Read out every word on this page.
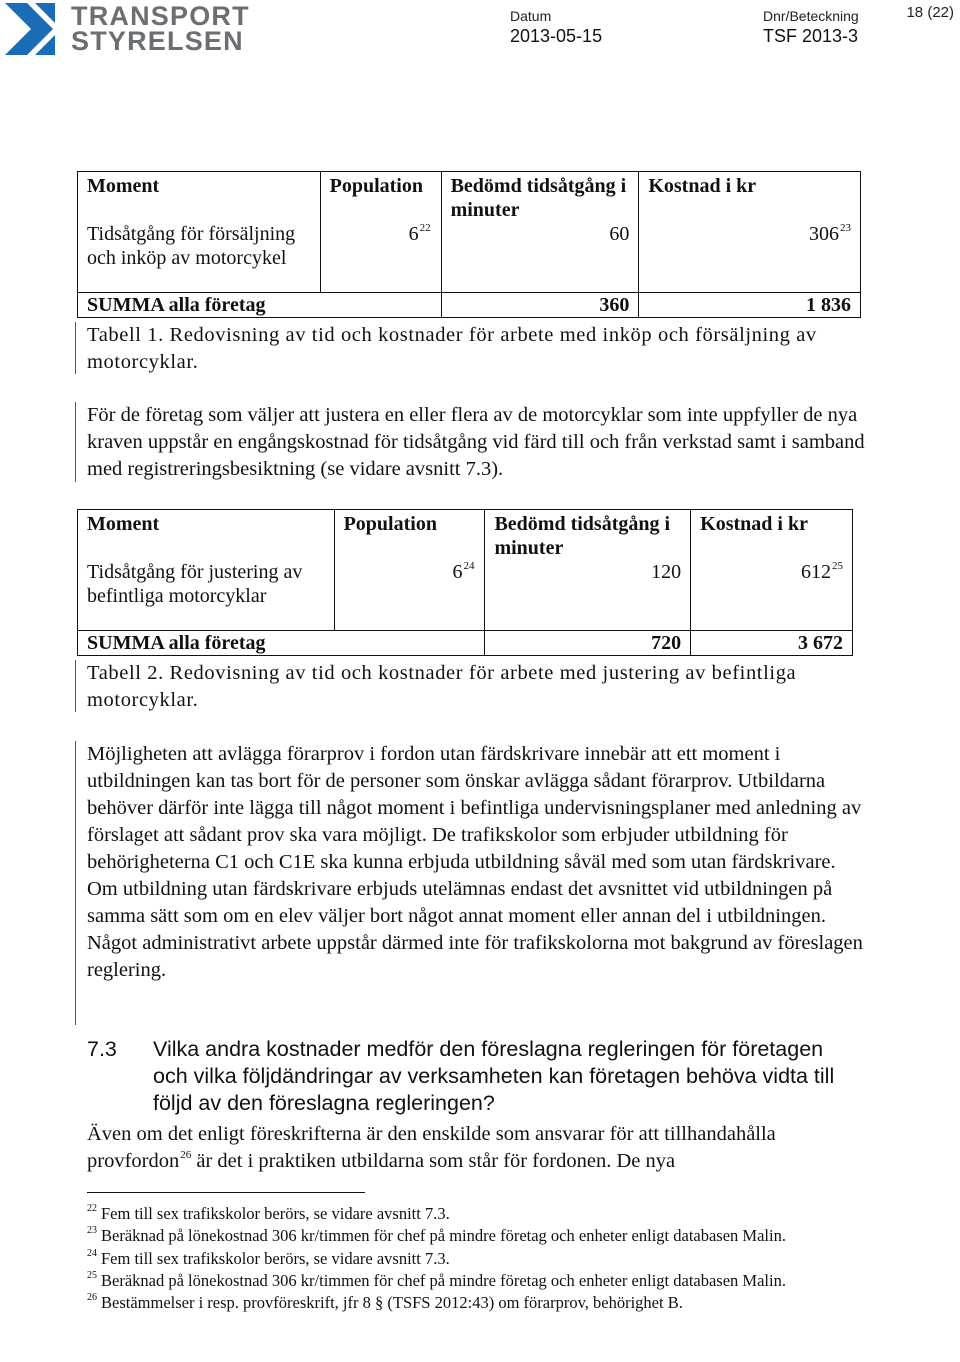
TRANSPORT
STYRELSEN
Datum
2013-05-15
Dnr/Beteckning
TSF 2013-3
18 (22)
Moment	Population	Bedömd tidsåtgång i minuter	Kostnad i kr
Tidsåtgång för försäljning och inköp av motorcykel	$6^{22}$	60	$306^{23}$
SUMMA alla företag		360	1 836
Tabell 1. Redovisning av tid och kostnader för arbete med inköp och försäljning av motorcyklar.
För de företag som väljer att justera en eller flera av de motorcyklar som inte uppfyller de nya kraven uppstår en engångskostnad för tidsåtgång vid färd till och från verkstad samt i samband med registreringsbesiktning (se vidare avsnitt 7.3).
Moment	Population	Bedömd tidsåtgång i minuter	Kostnad i kr
Tidsåtgång för justering av befintliga motorcyklar	$6^{24}$	120	$612^{25}$
SUMMA alla företag		720	3 672
Tabell 2. Redovisning av tid och kostnader för arbete med justering av befintliga motorcyklar.
Möjligheten att avlägga förarprov i fordon utan färdskrivare innebär att ett moment i utbildningen kan tas bort för de personer som önskar avlägga sådant förarprov. Utbildarna behöver därför inte lägga till något moment i befintliga undervisningsplaner med anledning av förslaget att sådant prov ska vara möjligt. De trafikskolor som erbjuder utbildning för behörigheterna C1 och C1E ska kunna erbjuda utbildning såväl med som utan färdskrivare. Om utbildning utan färdskrivare erbjuds utelämnas endast det avsnittet vid utbildningen på samma sätt som om en elev väljer bort något annat moment eller annan del i utbildningen. Något administrativt arbete uppstår därmed inte för trafikskolorna mot bakgrund av föreslagen reglering.
7.3 Vilka andra kostnader medför den föreslagna regleringen för företagen och vilka följdändringar av verksamheten kan företagen behöva vidta till följd av den föreslagna regleringen?
Även om det enligt föreskrifterna är den enskilde som ansvarar för att tillhandahålla provfordon$^{26}$ är det i praktiken utbildarna som står för fordonen. De nya
$^{22}$ Fem till sex trafikskolor berörs, se vidare avsnitt 7.3.
$^{23}$ Beräknad på lönekostnad 306 kr/timmen för chef på mindre företag och enheter enligt databasen Malin.
$^{24}$ Fem till sex trafikskolor berörs, se vidare avsnitt 7.3.
$^{25}$ Beräknad på lönekostnad 306 kr/timmen för chef på mindre företag och enheter enligt databasen Malin.
$^{26}$ Bestämmelser i resp. provföreskrift, jfr 8 § (TSFS 2012:43) om förarprov, behörighet B.
